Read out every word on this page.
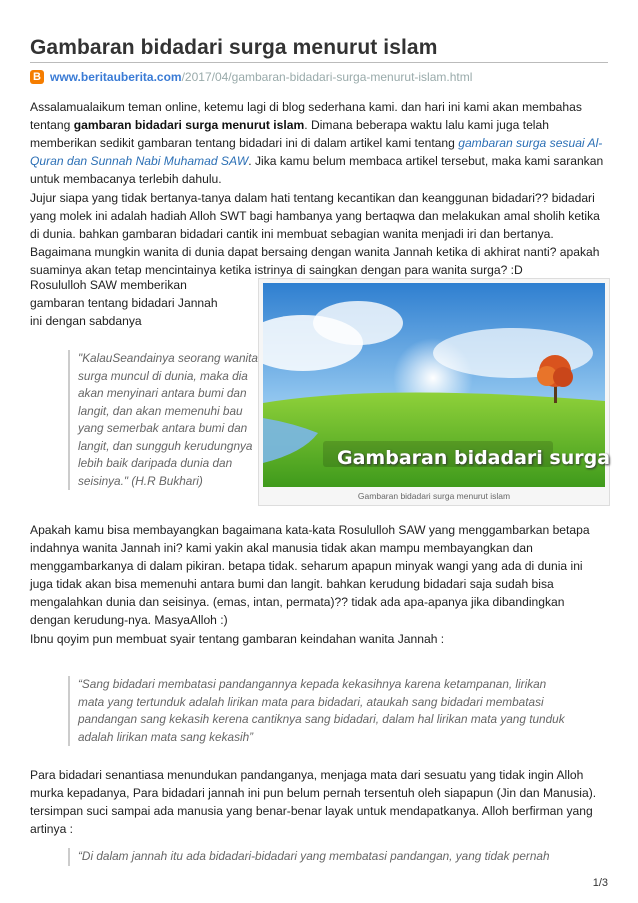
Gambaran bidadari surga menurut islam
B www.beritauberita.com /2017/04/gambaran-bidadari-surga-menurut-islam.html

Assalamualaikum teman online, ketemu lagi di blog sederhana kami. dan hari ini kami akan membahas tentang gambaran bidadari surga menurut islam. Dimana beberapa waktu lalu kami juga telah memberikan sedikit gambaran tentang bidadari ini di dalam artikel kami tentang gambaran surga sesuai Al-Quran dan Sunnah Nabi Muhamad SAW. Jika kamu belum membaca artikel tersebut, maka kami sarankan untuk membacanya terlebih dahulu.

Jujur siapa yang tidak bertanya-tanya dalam hati tentang kecantikan dan keanggunan bidadari?? bidadari yang molek ini adalah hadiah Alloh SWT bagi hambanya yang bertaqwa dan melakukan amal sholih ketika di dunia. bahkan gambaran bidadari cantik ini membuat sebagian wanita menjadi iri dan bertanya. Bagaimana mungkin wanita di dunia dapat bersaing dengan wanita Jannah ketika di akhirat nanti? apakah suaminya akan tetap mencintainya ketika istrinya di saingkan dengan para wanita surga? :D

Rosululloh SAW memberikan gambaran tentang bidadari Jannah ini dengan sabdanya

Gambaran bidadari surga
Gambaran bidadari surga menurut islam

"KalauSeandainya seorang wanita surga muncul di dunia, maka dia akan menyinari antara bumi dan langit, dan akan memenuhi bau yang semerbak antara bumi dan langit, dan sungguh kerudungnya lebih baik daripada dunia dan seisinya." (H.R Bukhari)

Apakah kamu bisa membayangkan bagaimana kata-kata Rosululloh SAW yang menggambarkan betapa indahnya wanita Jannah ini? kami yakin akal manusia tidak akan mampu membayangkan dan menggambarkanya di dalam pikiran. betapa tidak. seharum apapun minyak wangi yang ada di dunia ini juga tidak akan bisa memenuhi antara bumi dan langit. bahkan kerudung bidadari saja sudah bisa mengalahkan dunia dan seisinya. (emas, intan, permata)?? tidak ada apa-apanya jika dibandingkan dengan kerudung-nya. MasyaAlloh :)

Ibnu qoyim pun membuat syair tentang gambaran keindahan wanita Jannah :

“Sang bidadari membatasi pandangannya kepada kekasihnya karena ketampanan, lirikan mata yang tertunduk adalah lirikan mata para bidadari, ataukah sang bidadari membatasi pandangan sang kekasih kerena cantiknya sang bidadari, dalam hal lirikan mata yang tunduk adalah lirikan mata sang kekasih”

Para bidadari senantiasa menundukan pandanganya, menjaga mata dari sesuatu yang tidak ingin Alloh murka kepadanya, Para bidadari jannah ini pun belum pernah tersentuh oleh siapapun (Jin dan Manusia). tersimpan suci sampai ada manusia yang benar-benar layak untuk mendapatkanya. Alloh berfirman yang artinya :

“Di dalam jannah itu ada bidadari-bidadari yang membatasi pandangan, yang tidak pernah

1/3
